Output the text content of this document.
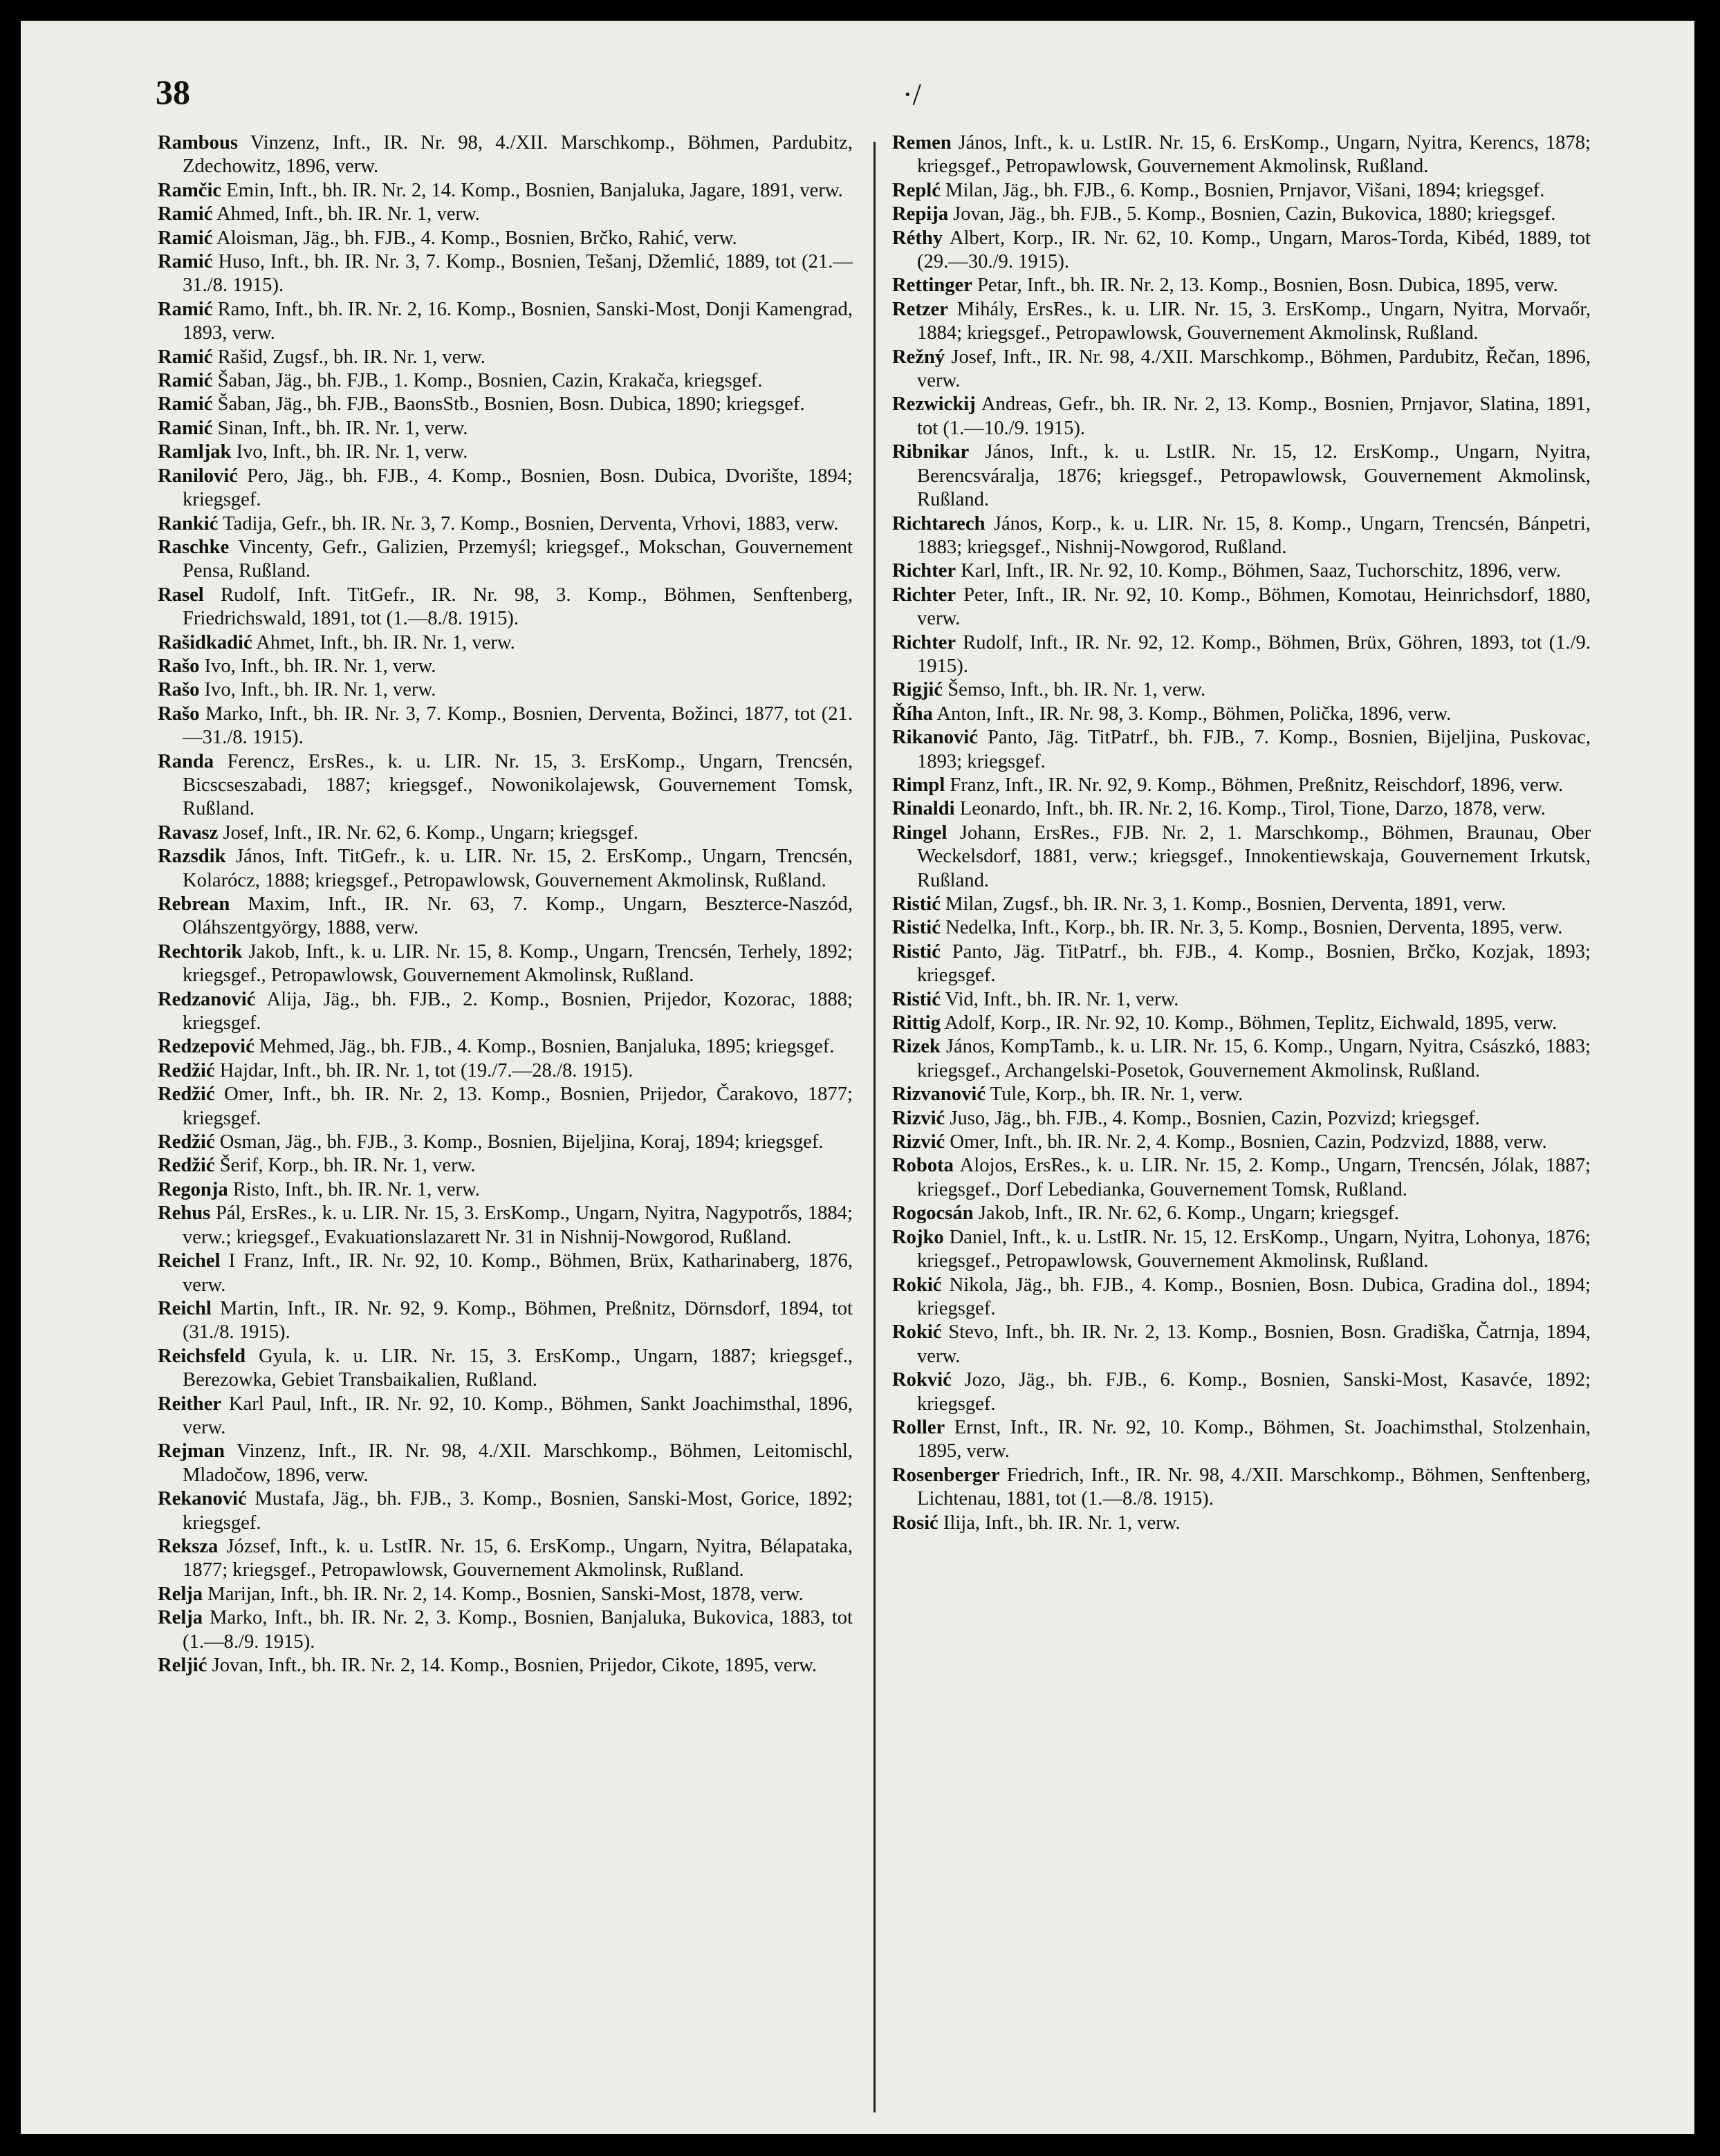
38	·/
Rambous Vinzenz, Inft., IR. Nr. 98, 4./XII. Marschkomp., Böhmen, Pardubitz, Zdechowitz, 1896, verw.
Ramčic Emin, Inft., bh. IR. Nr. 2, 14. Komp., Bosnien, Banjaluka, Jagare, 1891, verw.
Ramić Ahmed, Inft., bh. IR. Nr. 1, verw.
Ramić Aloisman, Jäg., bh. FJB., 4. Komp., Bosnien, Brčko, Rahić, verw.
Ramić Huso, Inft., bh. IR. Nr. 3, 7. Komp., Bosnien, Tešanj, Džemlić, 1889, tot (21.—31./8. 1915).
Ramić Ramo, Inft., bh. IR. Nr. 2, 16. Komp., Bosnien, Sanski-Most, Donji Kamengrad, 1893, verw.
Ramić Rašid, Zugsf., bh. IR. Nr. 1, verw.
Ramić Šaban, Jäg., bh. FJB., 1. Komp., Bosnien, Cazin, Krakača, kriegsgef.
Ramić Šaban, Jäg., bh. FJB., BaonsStb., Bosnien, Bosn. Dubica, 1890; kriegsgef.
Ramić Sinan, Inft., bh. IR. Nr. 1, verw.
Ramljak Ivo, Inft., bh. IR. Nr. 1, verw.
Ranilović Pero, Jäg., bh. FJB., 4. Komp., Bosnien, Bosn. Dubica, Dvorište, 1894; kriegsgef.
Rankić Tadija, Gefr., bh. IR. Nr. 3, 7. Komp., Bosnien, Derventa, Vrhovi, 1883, verw.
Raschke Vincenty, Gefr., Galizien, Przemyśl; kriegsgef., Mokschan, Gouvernement Pensa, Rußland.
Rasel Rudolf, Inft. TitGefr., IR. Nr. 98, 3. Komp., Böhmen, Senftenberg, Friedrichswald, 1891, tot (1.—8./8. 1915).
Rašidkadić Ahmet, Inft., bh. IR. Nr. 1, verw.
Rašo Ivo, Inft., bh. IR. Nr. 1, verw.
Rašo Ivo, Inft., bh. IR. Nr. 1, verw.
Rašo Marko, Inft., bh. IR. Nr. 3, 7. Komp., Bosnien, Derventa, Božinci, 1877, tot (21.—31./8. 1915).
Randa Ferencz, ErsRes., k. u. LIR. Nr. 15, 3. ErsKomp., Ungarn, Trencsén, Bicscseszabadi, 1887; kriegsgef., Nowonikolajewsk, Gouvernement Tomsk, Rußland.
Ravasz Josef, Inft., IR. Nr. 62, 6. Komp., Ungarn; kriegsgef.
Razsdik János, Inft. TitGefr., k. u. LIR. Nr. 15, 2. ErsKomp., Ungarn, Trencsén, Kolarócz, 1888; kriegsgef., Petropawlowsk, Gouvernement Akmolinsk, Rußland.
Rebrean Maxim, Inft., IR. Nr. 63, 7. Komp., Ungarn, Beszterce-Naszód, Oláhszentgyörgy, 1888, verw.
Rechtorik Jakob, Inft., k. u. LIR. Nr. 15, 8. Komp., Ungarn, Trencsén, Terhely, 1892; kriegsgef., Petropawlowsk, Gouvernement Akmolinsk, Rußland.
Redzanović Alija, Jäg., bh. FJB., 2. Komp., Bosnien, Prijedor, Kozorac, 1888; kriegsgef.
Redzepović Mehmed, Jäg., bh. FJB., 4. Komp., Bosnien, Banjaluka, 1895; kriegsgef.
Redžić Hajdar, Inft., bh. IR. Nr. 1, tot (19./7.—28./8. 1915).
Redžić Omer, Inft., bh. IR. Nr. 2, 13. Komp., Bosnien, Prijedor, Čarakovo, 1877; kriegsgef.
Redžić Osman, Jäg., bh. FJB., 3. Komp., Bosnien, Bijeljina, Koraj, 1894; kriegsgef.
Redžić Šerif, Korp., bh. IR. Nr. 1, verw.
Regonja Risto, Inft., bh. IR. Nr. 1, verw.
Rehus Pál, ErsRes., k. u. LIR. Nr. 15, 3. ErsKomp., Ungarn, Nyitra, Nagypotrős, 1884; verw.; kriegsgef., Evakuationslazarett Nr. 31 in Nishnij-Nowgorod, Rußland.
Reichel I Franz, Inft., IR. Nr. 92, 10. Komp., Böhmen, Brüx, Katharinaberg, 1876, verw.
Reichl Martin, Inft., IR. Nr. 92, 9. Komp., Böhmen, Preßnitz, Dörnsdorf, 1894, tot (31./8. 1915).
Reichsfeld Gyula, k. u. LIR. Nr. 15, 3. ErsKomp., Ungarn, 1887; kriegsgef., Berezowka, Gebiet Transbaikalien, Rußland.
Reither Karl Paul, Inft., IR. Nr. 92, 10. Komp., Böhmen, Sankt Joachimsthal, 1896, verw.
Rejman Vinzenz, Inft., IR. Nr. 98, 4./XII. Marschkomp., Böhmen, Leitomischl, Mladočow, 1896, verw.
Rekanović Mustafa, Jäg., bh. FJB., 3. Komp., Bosnien, Sanski-Most, Gorice, 1892; kriegsgef.
Reksza József, Inft., k. u. LstIR. Nr. 15, 6. ErsKomp., Ungarn, Nyitra, Bélapataka, 1877; kriegsgef., Petropawlowsk, Gouvernement Akmolinsk, Rußland.
Relja Marijan, Inft., bh. IR. Nr. 2, 14. Komp., Bosnien, Sanski-Most, 1878, verw.
Relja Marko, Inft., bh. IR. Nr. 2, 3. Komp., Bosnien, Banjaluka, Bukovica, 1883, tot (1.—8./9. 1915).
Reljić Jovan, Inft., bh. IR. Nr. 2, 14. Komp., Bosnien, Prijedor, Cikote, 1895, verw.
Remen János, Inft., k. u. LstIR. Nr. 15, 6. ErsKomp., Ungarn, Nyitra, Kerencs, 1878; kriegsgef., Petropawlowsk, Gouvernement Akmolinsk, Rußland.
Replć Milan, Jäg., bh. FJB., 6. Komp., Bosnien, Prnjavor, Višani, 1894; kriegsgef.
Repija Jovan, Jäg., bh. FJB., 5. Komp., Bosnien, Cazin, Bukovica, 1880; kriegsgef.
Réthy Albert, Korp., IR. Nr. 62, 10. Komp., Ungarn, Maros-Torda, Kibéd, 1889, tot (29.—30./9. 1915).
Rettinger Petar, Inft., bh. IR. Nr. 2, 13. Komp., Bosnien, Bosn. Dubica, 1895, verw.
Retzer Mihály, ErsRes., k. u. LIR. Nr. 15, 3. ErsKomp., Ungarn, Nyitra, Morvaőr, 1884; kriegsgef., Petropawlowsk, Gouvernement Akmolinsk, Rußland.
Režný Josef, Inft., IR. Nr. 98, 4./XII. Marschkomp., Böhmen, Pardubitz, Řečan, 1896, verw.
Rezwickij Andreas, Gefr., bh. IR. Nr. 2, 13. Komp., Bosnien, Prnjavor, Slatina, 1891, tot (1.—10./9. 1915).
Ribnikar János, Inft., k. u. LstIR. Nr. 15, 12. ErsKomp., Ungarn, Nyitra, Berencsváralja, 1876; kriegsgef., Petropawlowsk, Gouvernement Akmolinsk, Rußland.
Richtarech János, Korp., k. u. LIR. Nr. 15, 8. Komp., Ungarn, Trencsén, Bánpetri, 1883; kriegsgef., Nishnij-Nowgorod, Rußland.
Richter Karl, Inft., IR. Nr. 92, 10. Komp., Böhmen, Saaz, Tuchorschitz, 1896, verw.
Richter Peter, Inft., IR. Nr. 92, 10. Komp., Böhmen, Komotau, Heinrichsdorf, 1880, verw.
Richter Rudolf, Inft., IR. Nr. 92, 12. Komp., Böhmen, Brüx, Göhren, 1893, tot (1./9. 1915).
Rigjić Šemso, Inft., bh. IR. Nr. 1, verw.
Říha Anton, Inft., IR. Nr. 98, 3. Komp., Böhmen, Polička, 1896, verw.
Rikanović Panto, Jäg. TitPatrf., bh. FJB., 7. Komp., Bosnien, Bijeljina, Puskovac, 1893; kriegsgef.
Rimpl Franz, Inft., IR. Nr. 92, 9. Komp., Böhmen, Preßnitz, Reischdorf, 1896, verw.
Rinaldi Leonardo, Inft., bh. IR. Nr. 2, 16. Komp., Tirol, Tione, Darzo, 1878, verw.
Ringel Johann, ErsRes., FJB. Nr. 2, 1. Marschkomp., Böhmen, Braunau, Ober Weckelsdorf, 1881, verw.; kriegsgef., Innokentiewskaja, Gouvernement Irkutsk, Rußland.
Ristić Milan, Zugsf., bh. IR. Nr. 3, 1. Komp., Bosnien, Derventa, 1891, verw.
Ristić Nedelka, Inft., Korp., bh. IR. Nr. 3, 5. Komp., Bosnien, Derventa, 1895, verw.
Ristić Panto, Jäg. TitPatrf., bh. FJB., 4. Komp., Bosnien, Brčko, Kozjak, 1893; kriegsgef.
Ristić Vid, Inft., bh. IR. Nr. 1, verw.
Rittig Adolf, Korp., IR. Nr. 92, 10. Komp., Böhmen, Teplitz, Eichwald, 1895, verw.
Rizek János, KompTamb., k. u. LIR. Nr. 15, 6. Komp., Ungarn, Nyitra, Császkó, 1883; kriegsgef., Archangelski-Posetok, Gouvernement Akmolinsk, Rußland.
Rizvanović Tule, Korp., bh. IR. Nr. 1, verw.
Rizvić Juso, Jäg., bh. FJB., 4. Komp., Bosnien, Cazin, Pozvizd; kriegsgef.
Rizvić Omer, Inft., bh. IR. Nr. 2, 4. Komp., Bosnien, Cazin, Podzvizd, 1888, verw.
Robota Alojos, ErsRes., k. u. LIR. Nr. 15, 2. Komp., Ungarn, Trencsén, Jólak, 1887; kriegsgef., Dorf Lebedianka, Gouvernement Tomsk, Rußland.
Rogocsán Jakob, Inft., IR. Nr. 62, 6. Komp., Ungarn; kriegsgef.
Rojko Daniel, Inft., k. u. LstIR. Nr. 15, 12. ErsKomp., Ungarn, Nyitra, Lohonya, 1876; kriegsgef., Petropawlowsk, Gouvernement Akmolinsk, Rußland.
Rokić Nikola, Jäg., bh. FJB., 4. Komp., Bosnien, Bosn. Dubica, Gradina dol., 1894; kriegsgef.
Rokić Stevo, Inft., bh. IR. Nr. 2, 13. Komp., Bosnien, Bosn. Gradiška, Čatrnja, 1894, verw.
Rokvić Jozo, Jäg., bh. FJB., 6. Komp., Bosnien, Sanski-Most, Kasavće, 1892; kriegsgef.
Roller Ernst, Inft., IR. Nr. 92, 10. Komp., Böhmen, St. Joachimsthal, Stolzenhain, 1895, verw.
Rosenberger Friedrich, Inft., IR. Nr. 98, 4./XII. Marschkomp., Böhmen, Senftenberg, Lichtenau, 1881, tot (1.—8./8. 1915).
Rosić Ilija, Inft., bh. IR. Nr. 1, verw.
